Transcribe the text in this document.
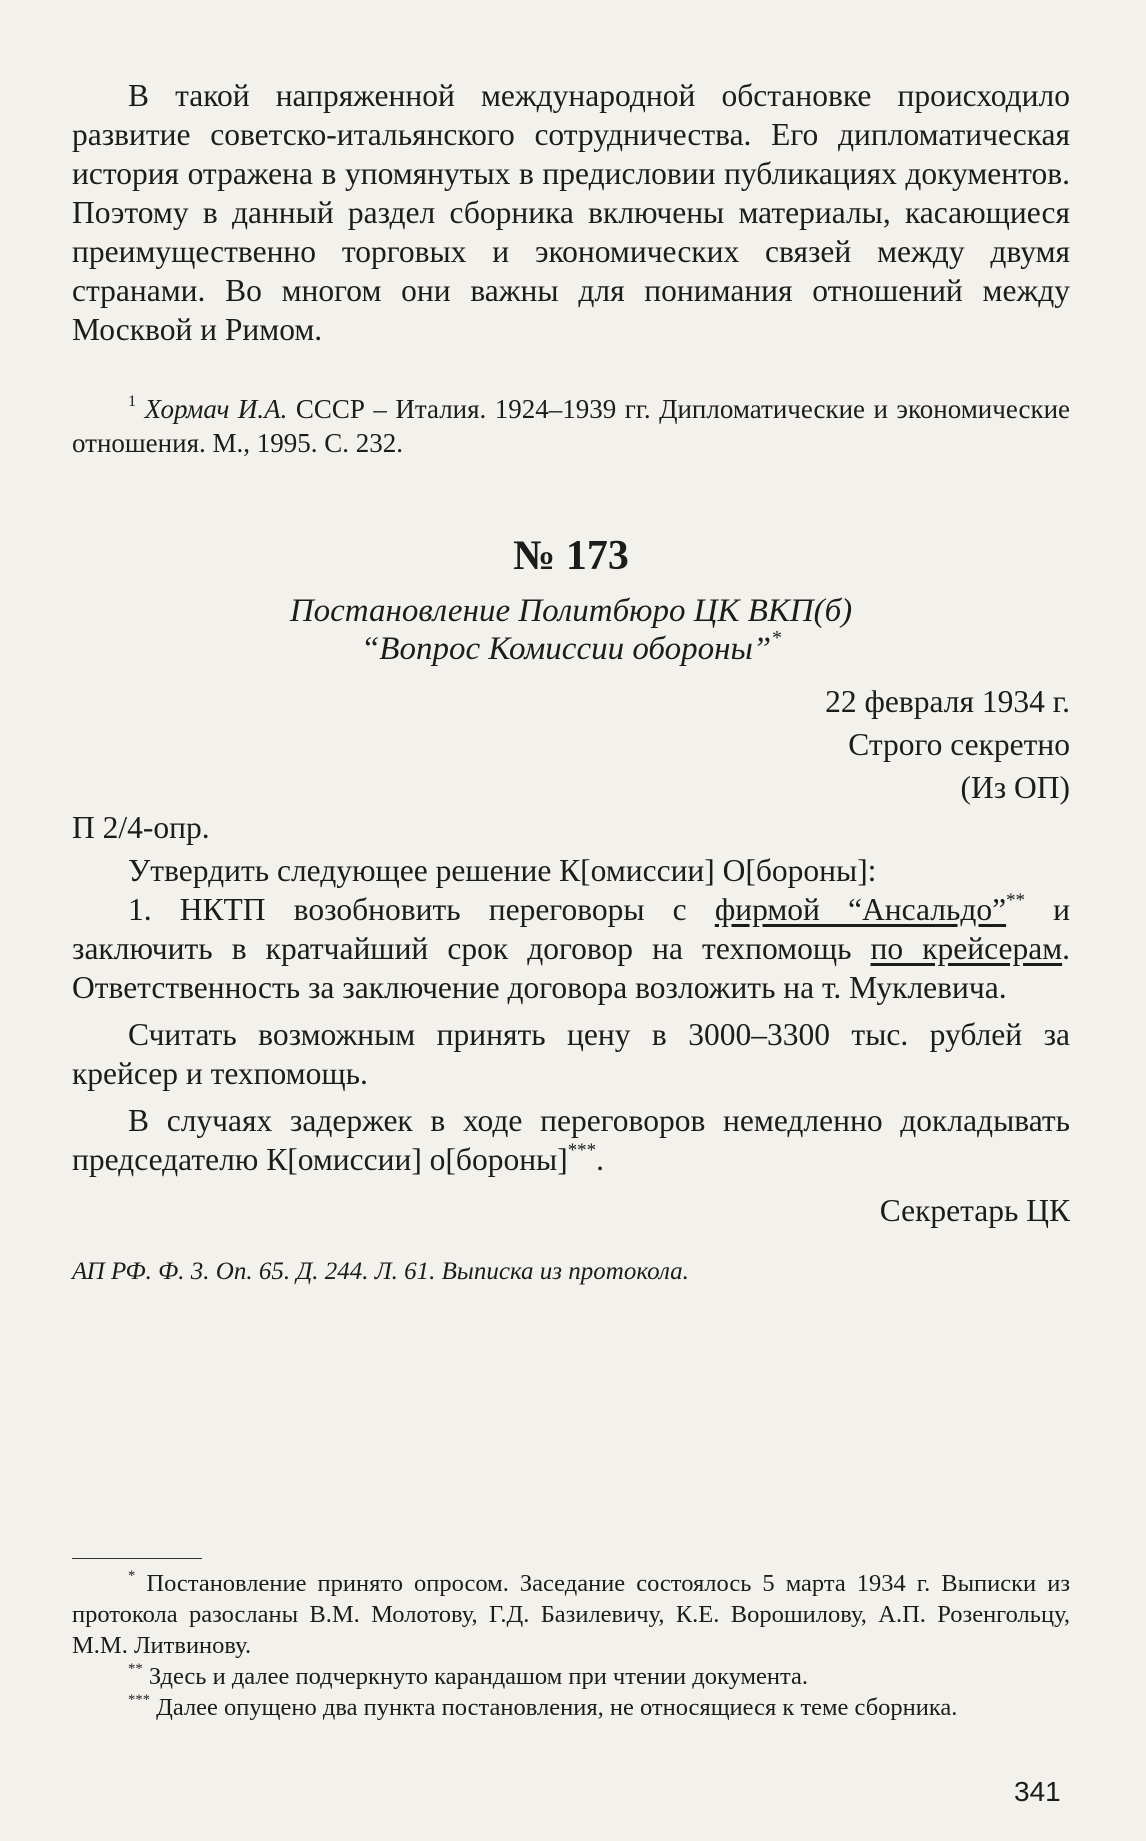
В такой напряженной международной обстановке происходило развитие советско-итальянского сотрудничества. Его дипломатическая история отражена в упомянутых в предисловии публикациях документов. Поэтому в данный раздел сборника включены материалы, касающиеся преимущественно торговых и экономических связей между двумя странами. Во многом они важны для понимания отношений между Москвой и Римом.

$^1$ Хормач И.А. СССР – Италия. 1924–1939 гг. Дипломатические и экономические отношения. М., 1995. С. 232.

№ 173

Постановление Политбюро ЦК ВКП(б)

“Вопрос Комиссии обороны”*

22 февраля 1934 г.

Строго секретно

(Из ОП)

П 2/4-опр.

Утвердить следующее решение К[омиссии] О[бороны]:

1. НКТП возобновить переговоры с фирмой “Ансальдо”** и заключить в кратчайший срок договор на техпомощь по крейсерам. Ответственность за заключение договора возложить на т. Муклевича.

Считать возможным принять цену в 3000–3300 тыс. рублей за крейсер и техпомощь.

В случаях задержек в ходе переговоров немедленно докладывать председателю К[омиссии] о[бороны]***.

Секретарь ЦК

АП РФ. Ф. 3. Оп. 65. Д. 244. Л. 61. Выписка из протокола.

* Постановление принято опросом. Заседание состоялось 5 марта 1934 г. Выписки из протокола разосланы В.М. Молотову, Г.Д. Базилевичу, К.Е. Ворошилову, А.П. Розенгольцу, М.М. Литвинову.

** Здесь и далее подчеркнуто карандашом при чтении документа.

*** Далее опущено два пункта постановления, не относящиеся к теме сборника.

341
